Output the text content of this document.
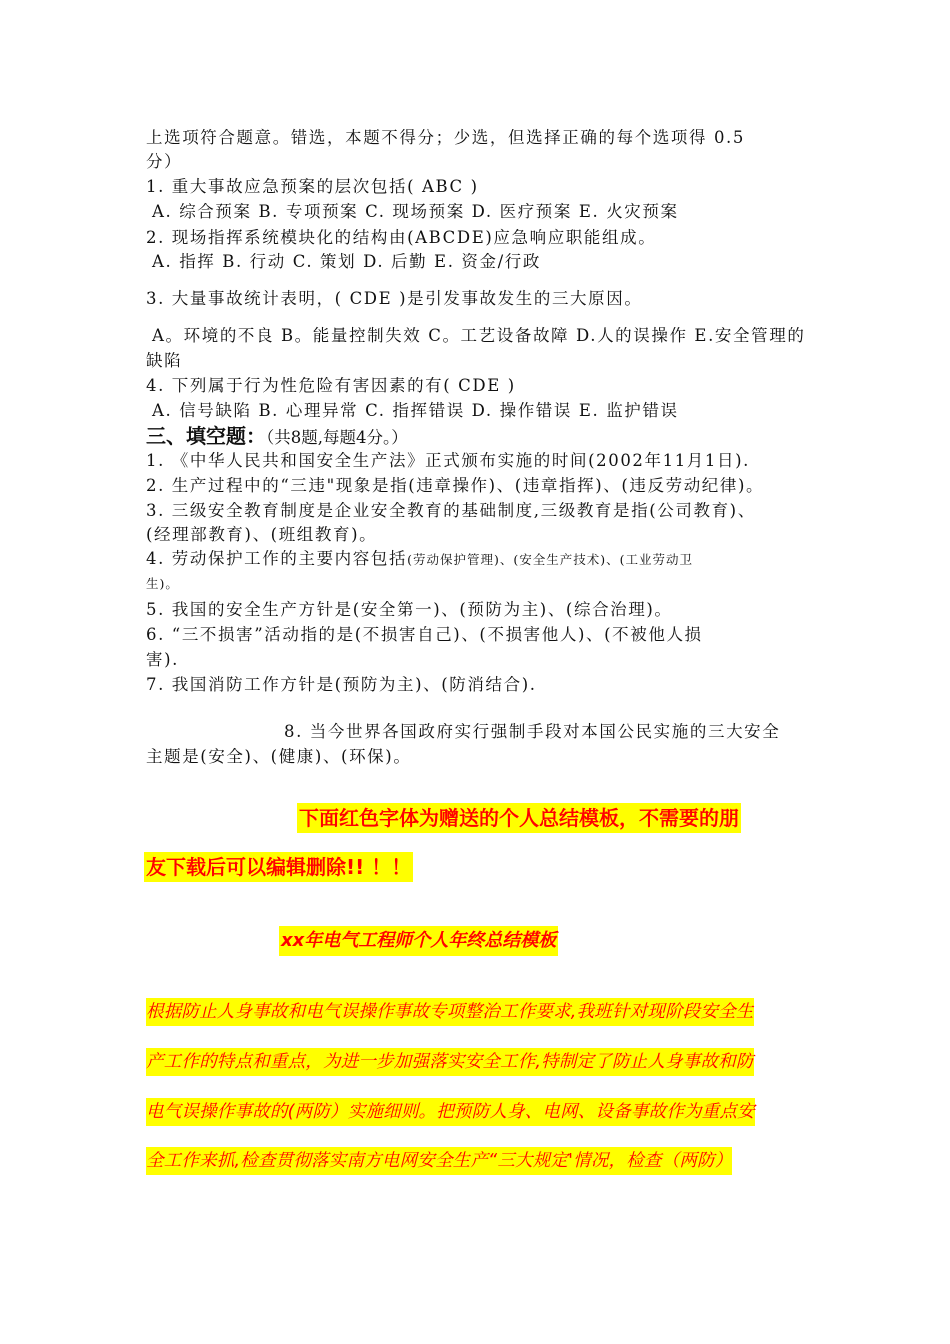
上选项符合题意。错选，本题不得分；少选，但选择正确的每个选项得 0.5
分）
1. 重大事故应急预案的层次包括( ABC )
A. 综合预案 B. 专项预案 C. 现场预案 D. 医疗预案 E. 火灾预案
2. 现场指挥系统模块化的结构由(ABCDE)应急响应职能组成。
A. 指挥 B. 行动 C. 策划 D. 后勤 E. 资金/行政
3. 大量事故统计表明，( CDE )是引发事故发生的三大原因。
A。环境的不良 B。能量控制失效 C。工艺设备故障 D.人的误操作 E.安全管理的
缺陷
4. 下列属于行为性危险有害因素的有( CDE )
A. 信号缺陷 B. 心理异常 C. 指挥错误 D. 操作错误 E. 监护错误
三、填空题：（共8题,每题4分。）
1. 《中华人民共和国安全生产法》正式颁布实施的时间(2002年11月1日).
2. 生产过程中的“三违"现象是指(违章操作)、(违章指挥)、(违反劳动纪律)。
3. 三级安全教育制度是企业安全教育的基础制度,三级教育是指(公司教育)、
(经理部教育)、(班组教育)。
4. 劳动保护工作的主要内容包括(劳动保护管理)、(安全生产技术)、(工业劳动卫
生)。
5. 我国的安全生产方针是(安全第一)、(预防为主)、(综合治理)。
6. “三不损害”活动指的是(不损害自己)、(不损害他人)、(不被他人损
害).
7. 我国消防工作方针是(预防为主)、(防消结合).
8. 当今世界各国政府实行强制手段对本国公民实施的三大安全
主题是(安全)、(健康)、(环保)。
下面红色字体为赠送的个人总结模板，不需要的朋
友下载后可以编辑删除!! ！！
xx年电气工程师个人年终总结模板
根据防止人身事故和电气误操作事故专项整治工作要求,我班针对现阶段安全生
产工作的特点和重点，为进一步加强落实安全工作,特制定了防止人身事故和防
电气误操作事故的(两防）实施细则。把预防人身、电网、设备事故作为重点安
全工作来抓,检查贯彻落实南方电网安全生产“三大规定'情况，检查（两防）
